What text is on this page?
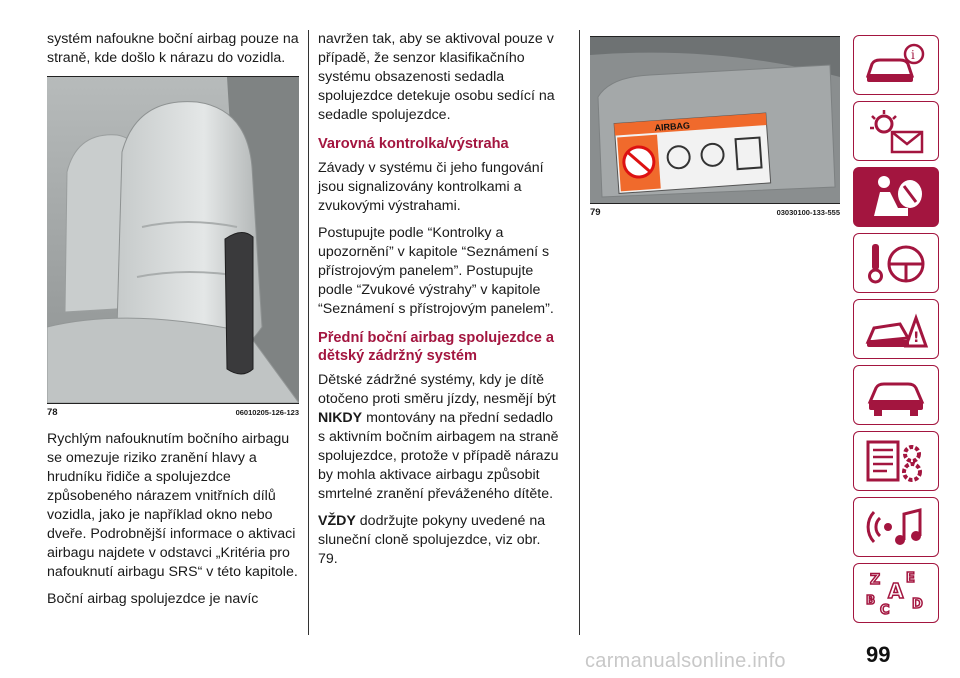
systém nafoukne boční airbag pouze na straně, kde došlo k nárazu do vozidla.

78	06010205-126-123

Rychlým nafouknutím bočního airbagu se omezuje riziko zranění hlavy a hrudníku řidiče a spolujezdce způsobeného nárazem vnitřních dílů vozidla, jako je například okno nebo dveře. Podrobnější informace o aktivaci airbagu najdete v odstavci „Kritéria pro nafouknutí airbagu SRS“ v této kapitole.

Boční airbag spolujezdce je navíc

navržen tak, aby se aktivoval pouze v případě, že senzor klasifikačního systému obsazenosti sedadla spolujezdce detekuje osobu sedící na sedadle spolujezdce.

Varovná kontrolka/výstraha

Závady v systému či jeho fungování jsou signalizovány kontrolkami a zvukovými výstrahami.

Postupujte podle “Kontrolky a upozornění” v kapitole “Seznámení s přístrojovým panelem”. Postupujte podle “Zvukové výstrahy” v kapitole “Seznámení s přístrojovým panelem”.

Přední boční airbag spolujezdce a dětský zádržný systém

Dětské zádržné systémy, kdy je dítě otočeno proti směru jízdy, nesmějí být NIKDY montovány na přední sedadlo s aktivním bočním airbagem na straně spolujezdce, protože v případě nárazu by mohla aktivace airbagu způsobit smrtelné zranění převáženého dítěte.

VŽDY dodržujte pokyny uvedené na sluneční cloně spolujezdce, viz obr. 79.

AIRBAG
79	03030100-133-555
i
!
Z E
A
B
C D
99
carmanualsonline.info
